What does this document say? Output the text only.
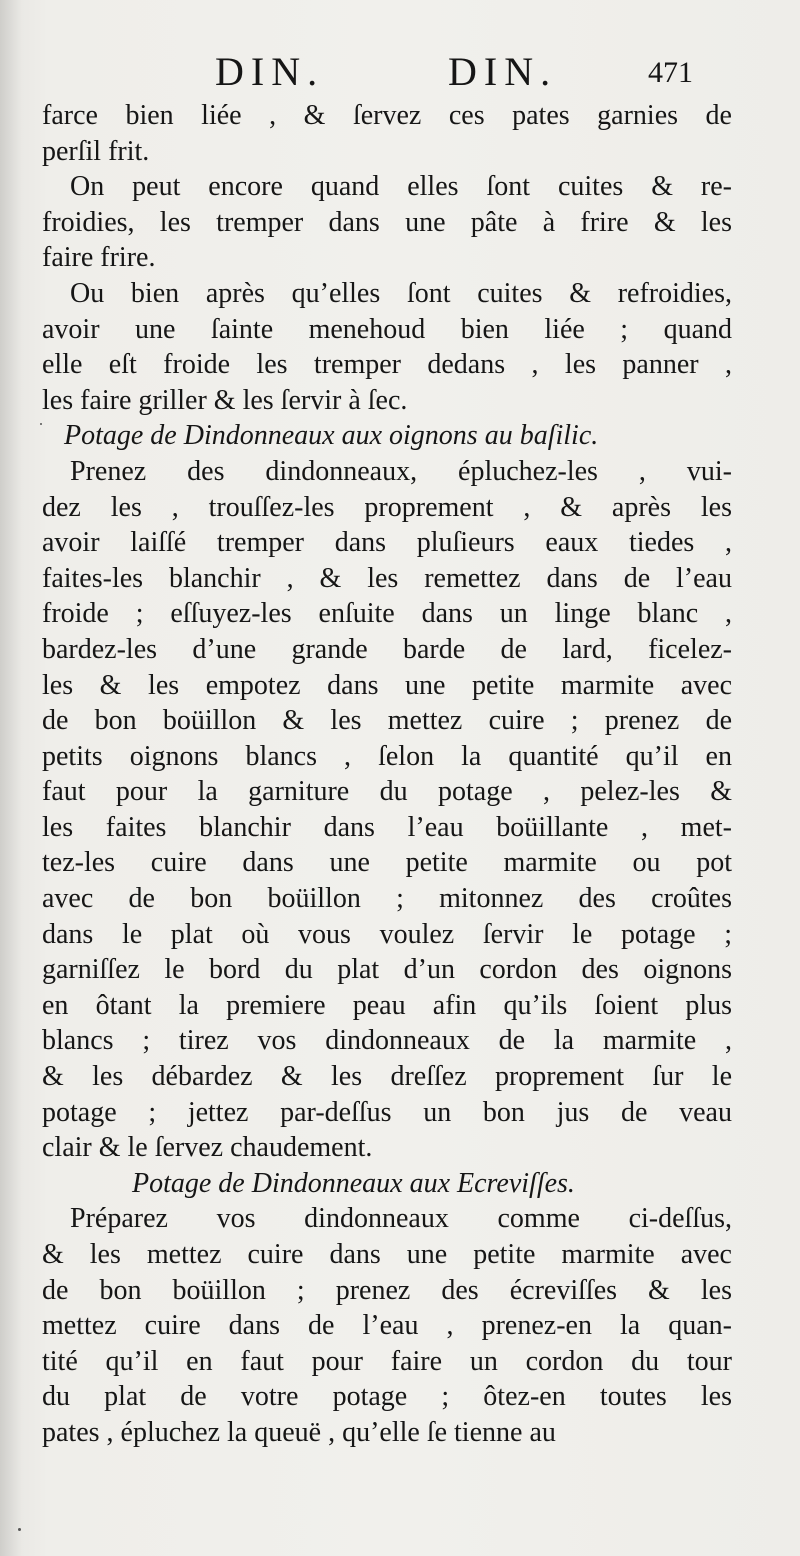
DIN.	DIN.	471

farce bien liée , & ſervez ces pates garnies de
perſil frit.

On peut encore quand elles ſont cuites & re-
froidies, les tremper dans une pâte à frire & les
faire frire.

Ou bien après qu’elles ſont cuites & refroidies,
avoir une ſainte menehoud bien liée ; quand
elle eſt froide les tremper dedans , les panner ,
les faire griller & les ſervir à ſec.

Potage de Dindonneaux aux oignons au baſilic.

Prenez des dindonneaux, épluchez-les , vui-
dez les , trouſſez-les proprement , & après les
avoir laiſſé tremper dans pluſieurs eaux tiedes ,
faites-les blanchir , & les remettez dans de l’eau
froide ; eſſuyez-les enſuite dans un linge blanc ,
bardez-les d’une grande barde de lard, ficelez-
les & les empotez dans une petite marmite avec
de bon boüillon & les mettez cuire ; prenez de
petits oignons blancs , ſelon la quantité qu’il en
faut pour la garniture du potage , pelez-les &
les faites blanchir dans l’eau boüillante , met-
tez-les cuire dans une petite marmite ou pot
avec de bon boüillon ; mitonnez des croûtes
dans le plat où vous voulez ſervir le potage ;
garniſſez le bord du plat d’un cordon des oignons
en ôtant la premiere peau afin qu’ils ſoient plus
blancs ; tirez vos dindonneaux de la marmite ,
& les débardez & les dreſſez proprement ſur le
potage ; jettez par-deſſus un bon jus de veau
clair & le ſervez chaudement.

Potage de Dindonneaux aux Ecreviſſes.

Préparez vos dindonneaux comme ci-deſſus,
& les mettez cuire dans une petite marmite avec
de bon boüillon ; prenez des écreviſſes & les
mettez cuire dans de l’eau , prenez-en la quan-
tité qu’il en faut pour faire un cordon du tour
du plat de votre potage ; ôtez-en toutes les
pates , épluchez la queuë , qu’elle ſe tienne au
